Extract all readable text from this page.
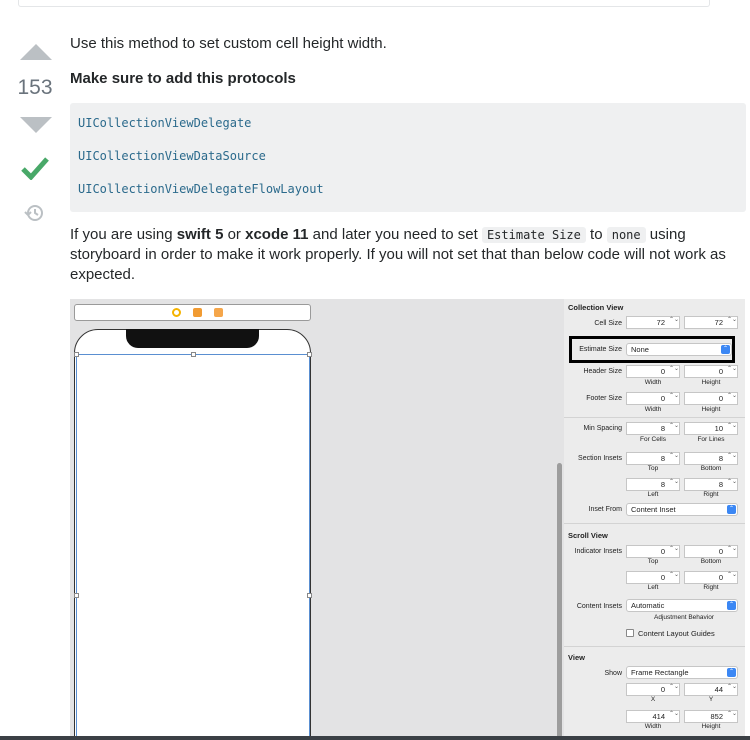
153
Use this method to set custom cell height width.
Make sure to add this protocols
UICollectionViewDelegate
UICollectionViewDataSource
UICollectionViewDelegateFlowLayout
If you are using swift 5 or xcode 11 and later you need to set Estimate Size to none using storyboard in order to make it work properly. If you will not set that than below code will not work as expected.
Collection View
Cell Size	72 ⌃⌄	72 ⌃⌄
Estimate Size	None	⌃
Header Size	0 ⌃⌄	0 ⌃⌄
Width	Height
Footer Size	0 ⌃⌄	0 ⌃⌄
Width	Height
Min Spacing	8 ⌃⌄	10 ⌃⌄
For Cells	For Lines
Section Insets	8 ⌃⌄	8 ⌃⌄
Top	Bottom
8 ⌃⌄	8 ⌃⌄
Left	Right
Inset From	Content Inset	⌃
Scroll View
Indicator Insets	0 ⌃⌄	0 ⌃⌄
Top	Bottom
0 ⌃⌄	0 ⌃⌄
Left	Right
Content Insets	Automatic	⌃
Adjustment Behavior
Content Layout Guides
View
Show	Frame Rectangle	⌃
0 ⌃⌄	44 ⌃⌄
X	Y
414 ⌃⌄	852 ⌃⌄
Width	Height
